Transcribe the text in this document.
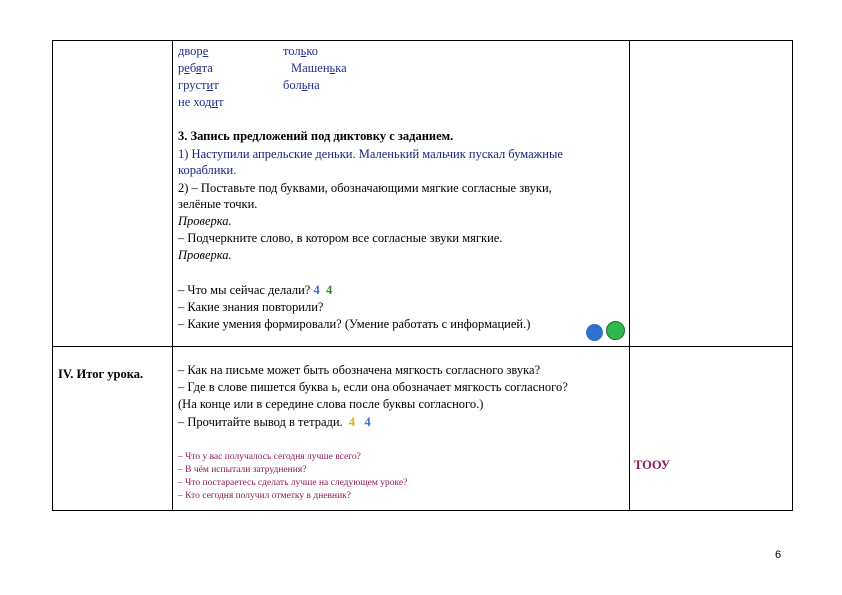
дворе
ребята
грустит
не ходит
только
Машенька
больна
3. Запись предложений под диктовку с заданием.
1) Наступили апрельские деньки. Маленький мальчик пускал бумажные
кораблики.
2) – Поставьте под буквами, обозначающими мягкие согласные звуки,
зелёные точки.
Проверка.
– Подчеркните слово, в котором все согласные звуки мягкие.
Проверка.
– Что мы сейчас делали? 4 4
– Какие знания повторили?
– Какие умения формировали? (Умение работать с информацией.)
IV. Итог урока.	– Как на письме может быть обозначена мягкость согласного звука?
– Где в слове пишется буква ь, если она обозначает мягкость согласного?
(На конце или в середине слова после буквы согласного.)
– Прочитайте вывод в тетради. 4 4
– Что у вас получалось сегодня лучше всего?
– В чём испытали затруднения?
– Что постараетесь сделать лучше на следующем уроке?
– Кто сегодня получил отметку в дневник?
ТООУ
6
